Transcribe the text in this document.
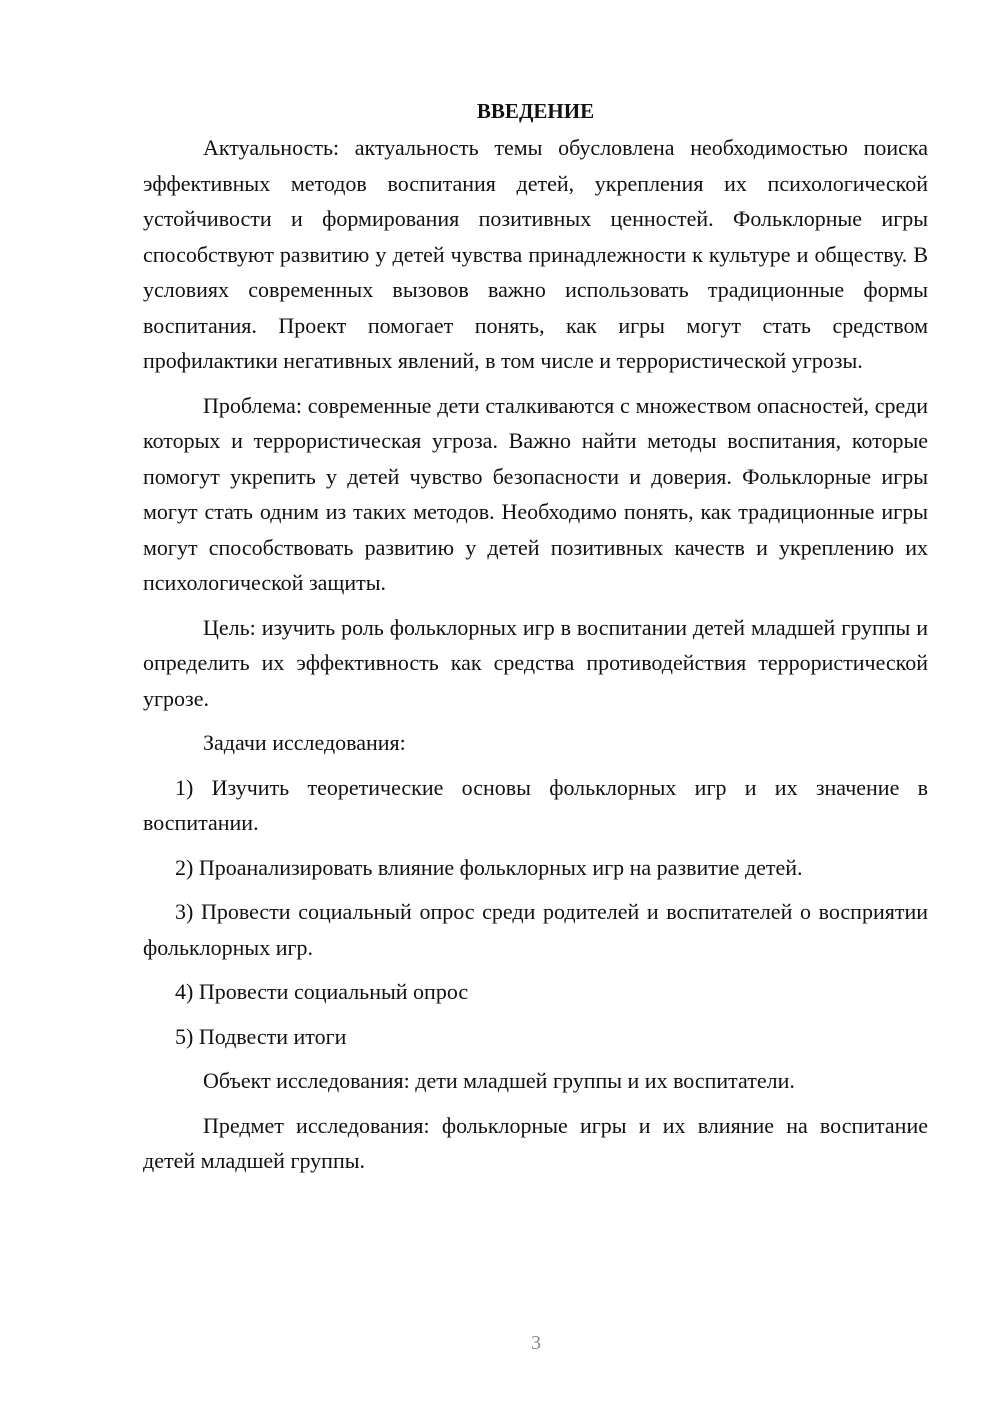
ВВЕДЕНИЕ

Актуальность: актуальность темы обусловлена необходимостью поиска эффективных методов воспитания детей, укрепления их психологической устойчивости и формирования позитивных ценностей. Фольклорные игры способствуют развитию у детей чувства принадлежности к культуре и обществу. В условиях современных вызовов важно использовать традиционные формы воспитания. Проект помогает понять, как игры могут стать средством профилактики негативных явлений, в том числе и террористической угрозы.

Проблема: современные дети сталкиваются с множеством опасностей, среди которых и террористическая угроза. Важно найти методы воспитания, которые помогут укрепить у детей чувство безопасности и доверия. Фольклорные игры могут стать одним из таких методов. Необходимо понять, как традиционные игры могут способствовать развитию у детей позитивных качеств и укреплению их психологической защиты.

Цель: изучить роль фольклорных игр в воспитании детей младшей группы и определить их эффективность как средства противодействия террористической угрозе.

Задачи исследования:

1) Изучить теоретические основы фольклорных игр и их значение в воспитании.

2) Проанализировать влияние фольклорных игр на развитие детей.

3) Провести социальный опрос среди родителей и воспитателей о восприятии фольклорных игр.

4) Провести социальный опрос

5) Подвести итоги

Объект исследования: дети младшей группы и их воспитатели.

Предмет исследования: фольклорные игры и их влияние на воспитание детей младшей группы.

3
